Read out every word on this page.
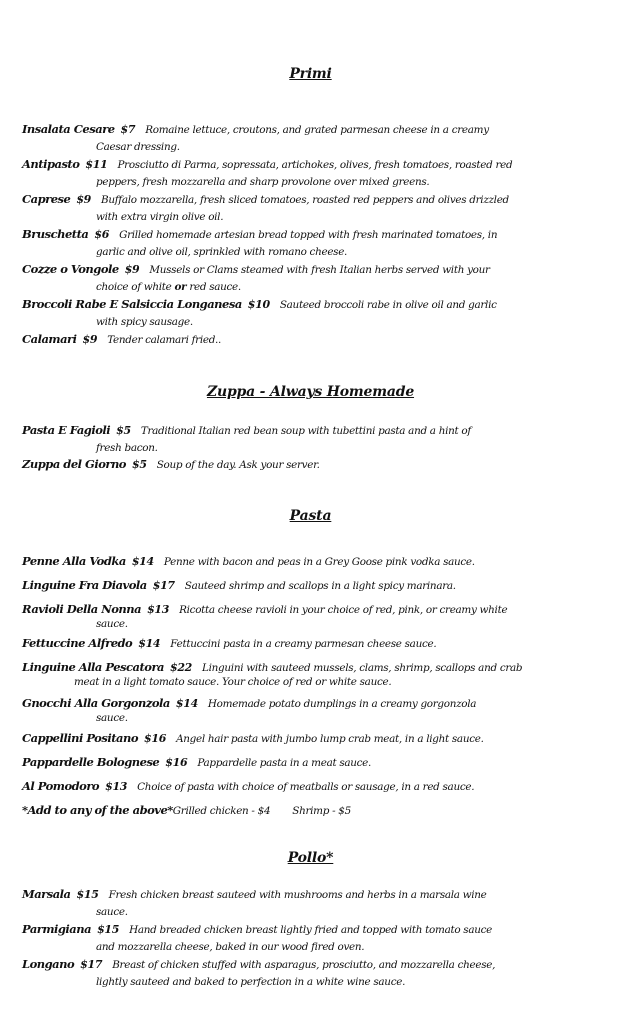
Primi
Insalata Cesare $7 Romaine lettuce, croutons, and grated parmesan cheese in a creamy
Caesar dressing.
Antipasto $11 Prosciutto di Parma, sopressata, artichokes, olives, fresh tomatoes, roasted red
peppers, fresh mozzarella and sharp provolone over mixed greens.
Caprese $9 Buffalo mozzarella, fresh sliced tomatoes, roasted red peppers and olives drizzled
with extra virgin olive oil.
Bruschetta $6 Grilled homemade artesian bread topped with fresh marinated tomatoes, in
garlic and olive oil, sprinkled with romano cheese.
Cozze o Vongole $9 Mussels or Clams steamed with fresh Italian herbs served with your
choice of white or red sauce.
Broccoli Rabe E Salsiccia Longanesa $10 Sauteed broccoli rabe in olive oil and garlic
with spicy sausage.
Calamari $9 Tender calamari fried..
Zuppa - Always Homemade
Pasta E Fagioli $5 Traditional Italian red bean soup with tubettini pasta and a hint of
fresh bacon.
Zuppa del Giorno $5 Soup of the day. Ask your server.
Pasta
Penne Alla Vodka $14 Penne with bacon and peas in a Grey Goose pink vodka sauce.
Linguine Fra Diavola $17 Sauteed shrimp and scallops in a light spicy marinara.
Ravioli Della Nonna $13 Ricotta cheese ravioli in your choice of red, pink, or creamy white
sauce.
Fettuccine Alfredo $14 Fettuccini pasta in a creamy parmesan cheese sauce.
Linguine Alla Pescatora $22 Linguini with sauteed mussels, clams, shrimp, scallops and crab
meat in a light tomato sauce. Your choice of red or white sauce.
Gnocchi Alla Gorgonzola $14 Homemade potato dumplings in a creamy gorgonzola
sauce.
Cappellini Positano $16 Angel hair pasta with jumbo lump crab meat, in a light sauce.
Pappardelle Bolognese $16 Pappardelle pasta in a meat sauce.
Al Pomodoro $13 Choice of pasta with choice of meatballs or sausage, in a red sauce.
*Add to any of the above*Grilled chicken - $4 Shrimp - $5
Pollo*
Marsala $15 Fresh chicken breast sauteed with mushrooms and herbs in a marsala wine
sauce.
Parmigiana $15 Hand breaded chicken breast lightly fried and topped with tomato sauce
and mozzarella cheese, baked in our wood fired oven.
Longano $17 Breast of chicken stuffed with asparagus, prosciutto, and mozzarella cheese,
lightly sauteed and baked to perfection in a white wine sauce.
